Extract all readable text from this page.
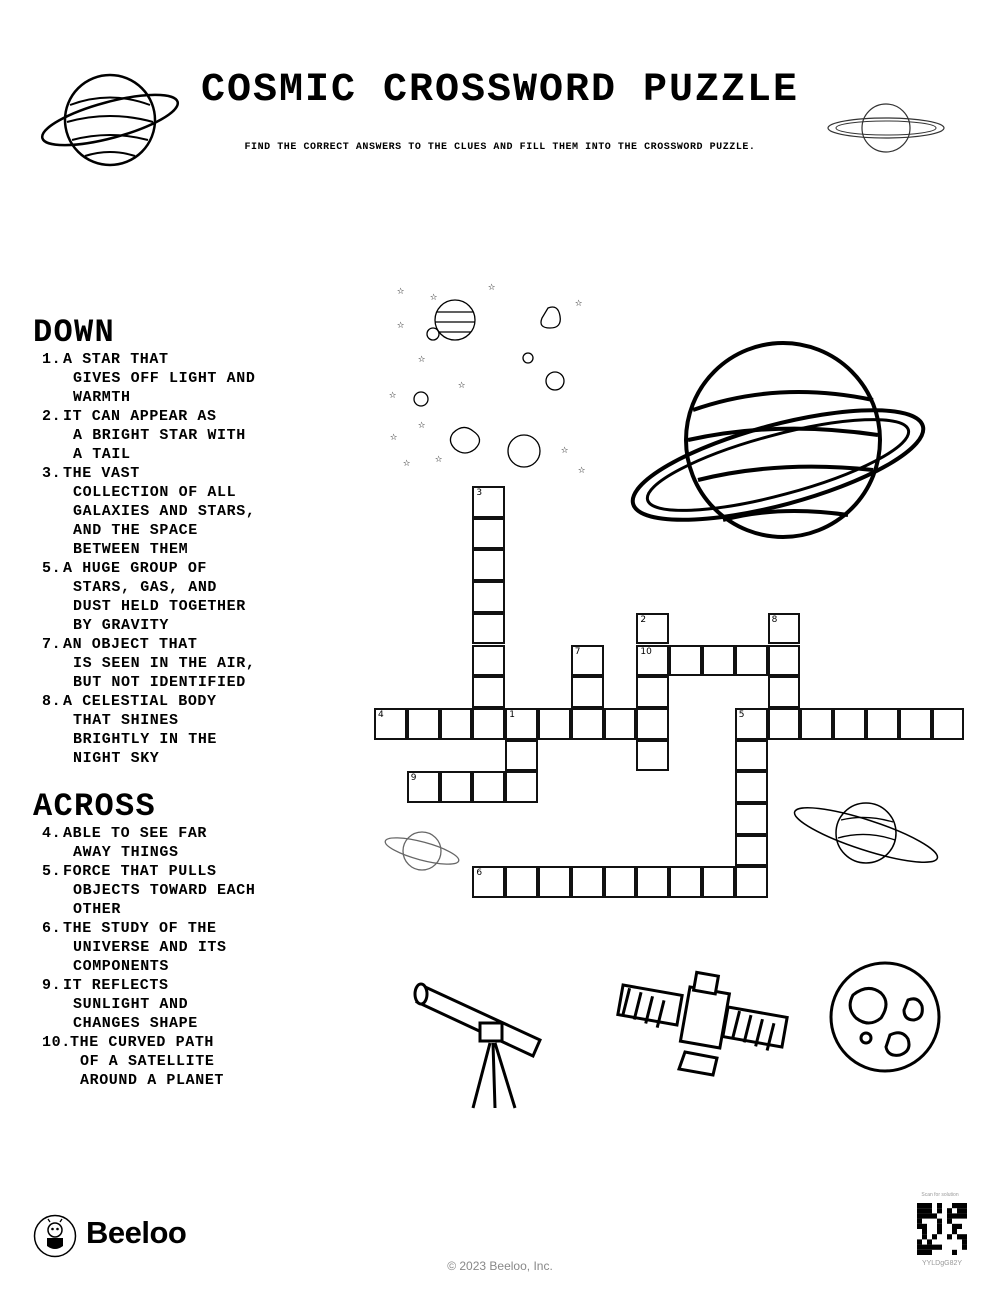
COSMIC CROSSWORD PUZZLE
FIND THE CORRECT ANSWERS TO THE CLUES AND FILL THEM INTO THE CROSSWORD PUZZLE.
☆ ☆
☆
☆
☆
☆
☆
☆
☆
☆ ☆
☆
☆
☆
DOWN
1. A STAR THAT
GIVES OFF LIGHT AND
WARMTH
2. IT CAN APPEAR AS
A BRIGHT STAR WITH
A TAIL
3. THE VAST
COLLECTION OF ALL
GALAXIES AND STARS,
AND THE SPACE
BETWEEN THEM
5. A HUGE GROUP OF
STARS, GAS, AND
DUST HELD TOGETHER
BY GRAVITY
7. AN OBJECT THAT
IS SEEN IN THE AIR,
BUT NOT IDENTIFIED
8. A CELESTIAL BODY
THAT SHINES
BRIGHTLY IN THE
NIGHT SKY
ACROSS
4. ABLE TO SEE FAR
AWAY THINGS
5. FORCE THAT PULLS
OBJECTS TOWARD EACH
OTHER
6. THE STUDY OF THE
UNIVERSE AND ITS
COMPONENTS
9. IT REFLECTS
SUNLIGHT AND
CHANGES SHAPE
10.THE CURVED PATH
OF A SATELLITE
AROUND A PLANET
3
4	1
7
2
10
8
5
9
6
Beeloo
© 2023 Beeloo, Inc.
Scan for solution
YYLDgG82Y
